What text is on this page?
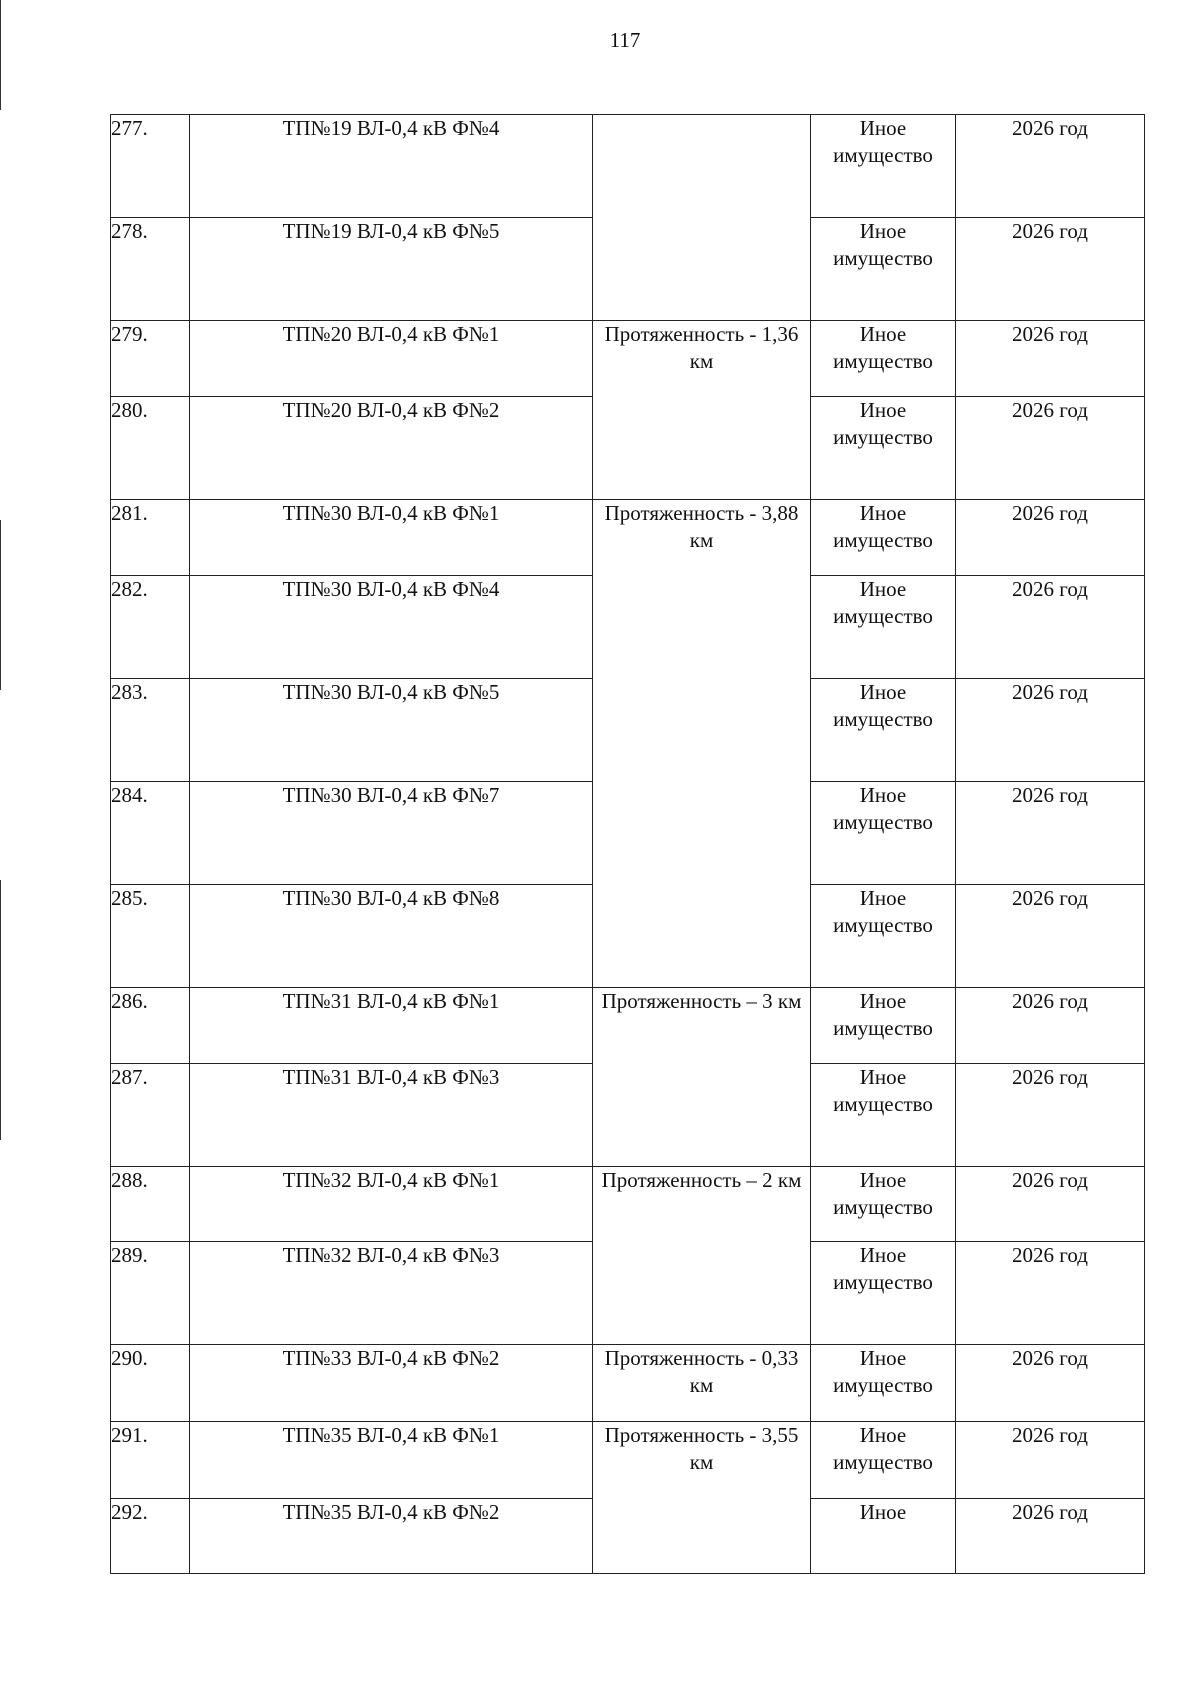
117
277.	ТП№19 ВЛ-0,4 кВ Ф№4		Иное имущество	2026 год
278.	ТП№19 ВЛ-0,4 кВ Ф№5		Иное имущество	2026 год
279.	ТП№20 ВЛ-0,4 кВ Ф№1	Протяженность - 1,36 км	Иное имущество	2026 год
280.	ТП№20 ВЛ-0,4 кВ Ф№2		Иное имущество	2026 год
281.	ТП№30 ВЛ-0,4 кВ Ф№1	Протяженность - 3,88 км	Иное имущество	2026 год
282.	ТП№30 ВЛ-0,4 кВ Ф№4		Иное имущество	2026 год
283.	ТП№30 ВЛ-0,4 кВ Ф№5		Иное имущество	2026 год
284.	ТП№30 ВЛ-0,4 кВ Ф№7		Иное имущество	2026 год
285.	ТП№30 ВЛ-0,4 кВ Ф№8		Иное имущество	2026 год
286.	ТП№31 ВЛ-0,4 кВ Ф№1	Протяженность – 3 км	Иное имущество	2026 год
287.	ТП№31 ВЛ-0,4 кВ Ф№3		Иное имущество	2026 год
288.	ТП№32 ВЛ-0,4 кВ Ф№1	Протяженность – 2 км	Иное имущество	2026 год
289.	ТП№32 ВЛ-0,4 кВ Ф№3		Иное имущество	2026 год
290.	ТП№33 ВЛ-0,4 кВ Ф№2	Протяженность - 0,33 км	Иное имущество	2026 год
291.	ТП№35 ВЛ-0,4 кВ Ф№1	Протяженность - 3,55 км	Иное имущество	2026 год
292.	ТП№35 ВЛ-0,4 кВ Ф№2		Иное	2026 год
